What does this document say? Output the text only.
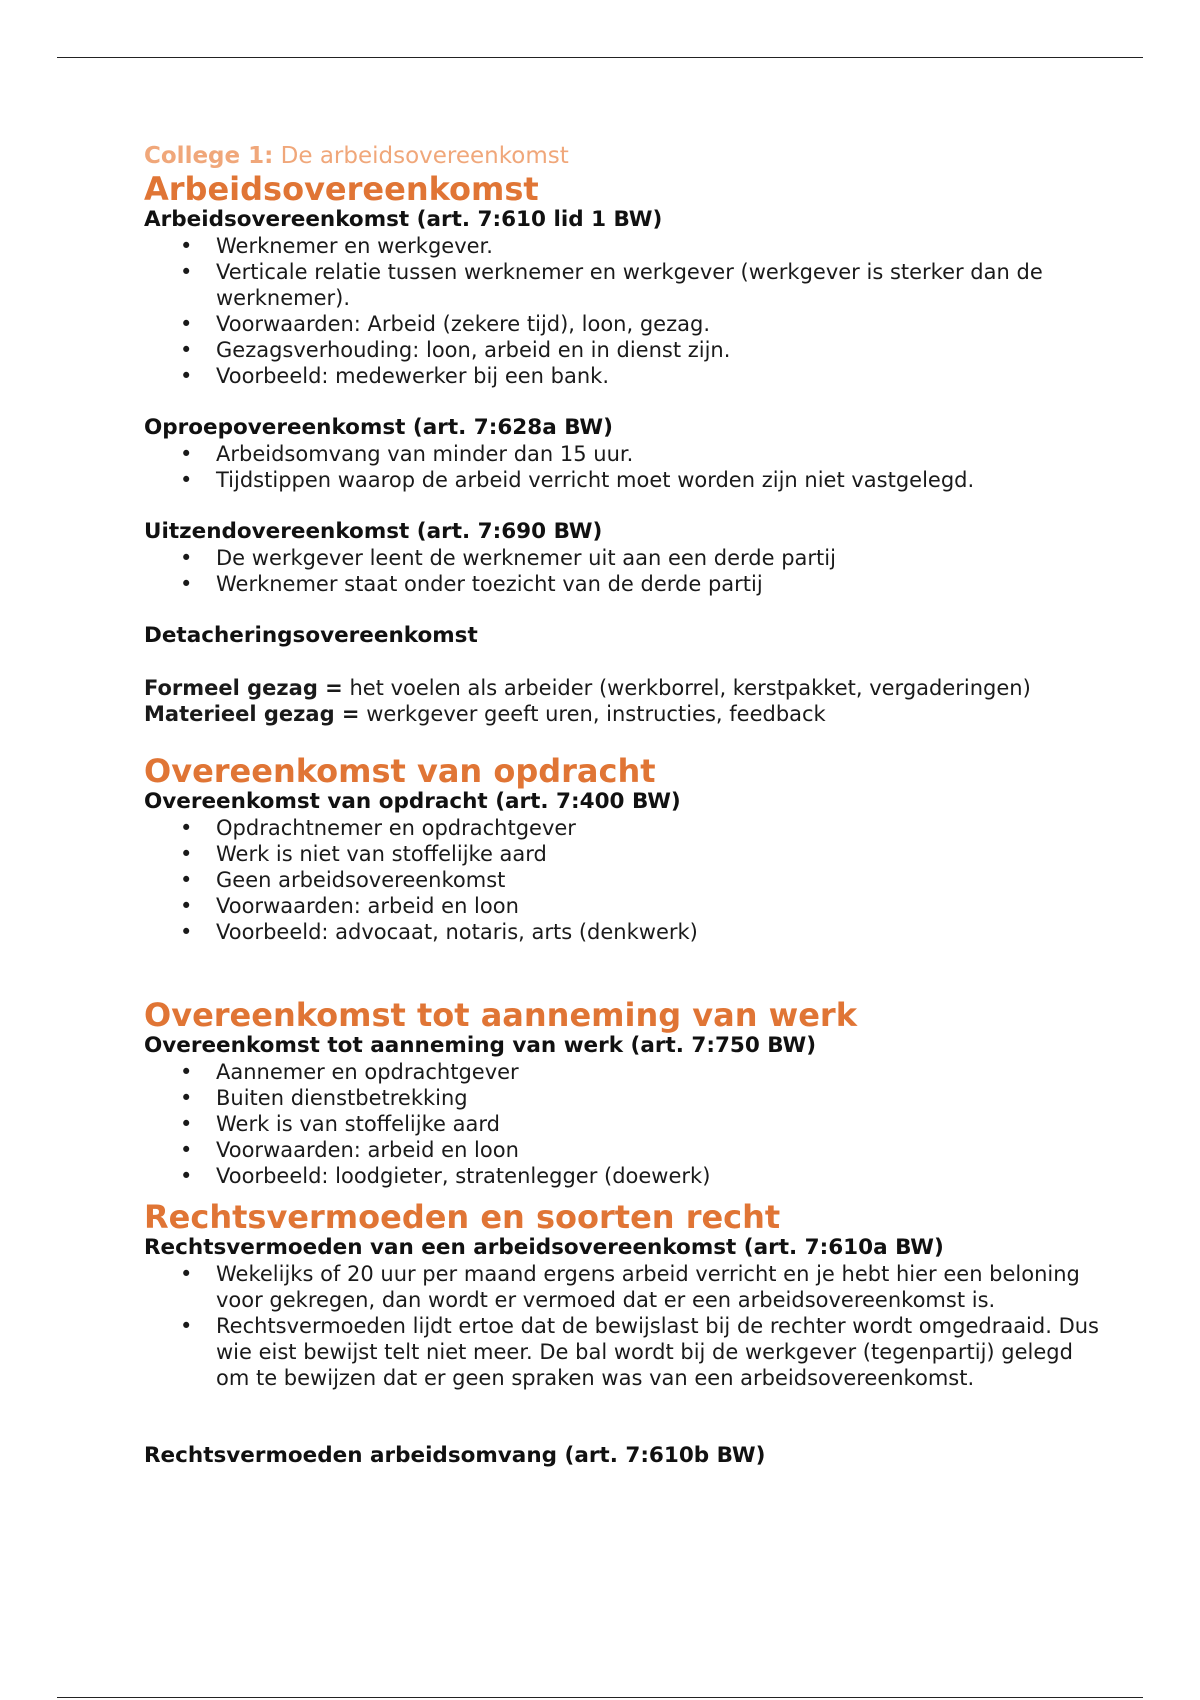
College 1: De arbeidsovereenkomst
Arbeidsovereenkomst
Arbeidsovereenkomst (art. 7:610 lid 1 BW)
• Werknemer en werkgever.
• Verticale relatie tussen werknemer en werkgever (werkgever is sterker dan de werknemer).
• Voorwaarden: Arbeid (zekere tijd), loon, gezag.
• Gezagsverhouding: loon, arbeid en in dienst zijn.
• Voorbeeld: medewerker bij een bank.
Oproepovereenkomst (art. 7:628a BW)
• Arbeidsomvang van minder dan 15 uur.
• Tijdstippen waarop de arbeid verricht moet worden zijn niet vastgelegd.
Uitzendovereenkomst (art. 7:690 BW)
• De werkgever leent de werknemer uit aan een derde partij
• Werknemer staat onder toezicht van de derde partij
Detacheringsovereenkomst

Formeel gezag = het voelen als arbeider (werkborrel, kerstpakket, vergaderingen)

Materieel gezag = werkgever geeft uren, instructies, feedback

Overeenkomst van opdracht
Overeenkomst van opdracht (art. 7:400 BW)
• Opdrachtnemer en opdrachtgever
• Werk is niet van stoffelijke aard
• Geen arbeidsovereenkomst
• Voorwaarden: arbeid en loon
• Voorbeeld: advocaat, notaris, arts (denkwerk)
Overeenkomst tot aanneming van werk
Overeenkomst tot aanneming van werk (art. 7:750 BW)
• Aannemer en opdrachtgever
• Buiten dienstbetrekking
• Werk is van stoffelijke aard
• Voorwaarden: arbeid en loon
• Voorbeeld: loodgieter, stratenlegger (doewerk)
Rechtsvermoeden en soorten recht
Rechtsvermoeden van een arbeidsovereenkomst (art. 7:610a BW)
• Wekelijks of 20 uur per maand ergens arbeid verricht en je hebt hier een beloning voor gekregen, dan wordt er vermoed dat er een arbeidsovereenkomst is.
• Rechtsvermoeden lijdt ertoe dat de bewijslast bij de rechter wordt omgedraaid. Dus wie eist bewijst telt niet meer. De bal wordt bij de werkgever (tegenpartij) gelegd om te bewijzen dat er geen spraken was van een arbeidsovereenkomst.
Rechtsvermoeden arbeidsomvang (art. 7:610b BW)
